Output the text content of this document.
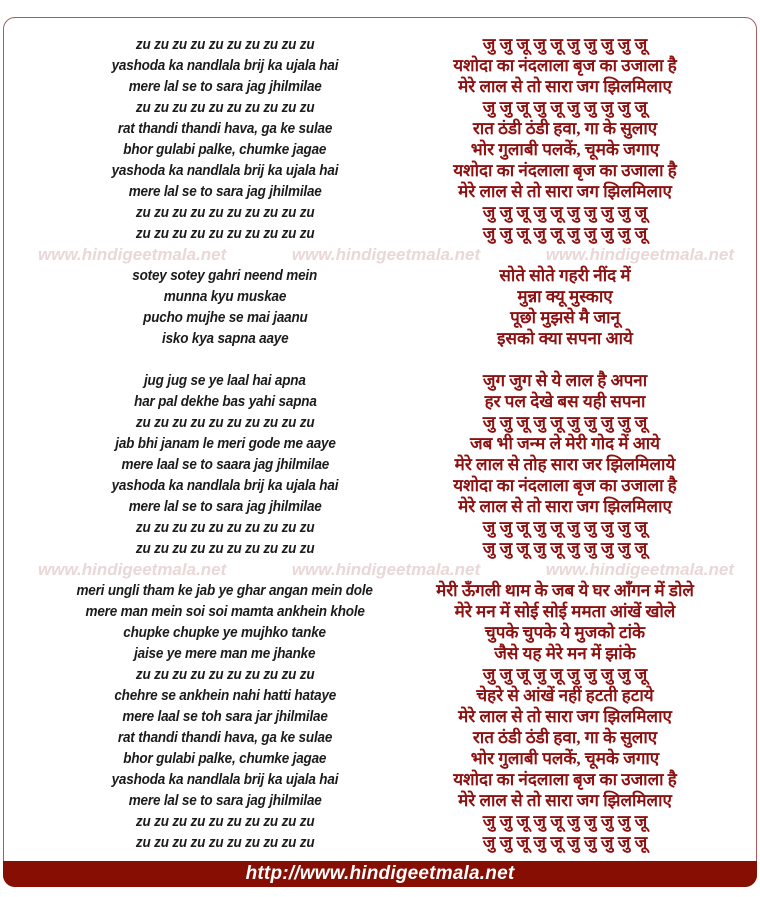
zu zu zu zu zu zu zu zu zu zu	जु जु जू जु जू जु जु जु जु जू
yashoda ka nandlala brij ka ujala hai	यशोदा का नंदलाला बृज का उजाला है
mere lal se to sara jag jhilmilae	मेरे लाल से तो सारा जग झिलमिलाए
zu zu zu zu zu zu zu zu zu zu	जु जु जू जु जू जु जु जु जु जू
rat thandi thandi hava, ga ke sulae	रात ठंडी ठंडी हवा, गा के सुलाए
bhor gulabi palke, chumke jagae	भोर गुलाबी पलकें, चूमके जगाए
yashoda ka nandlala brij ka ujala hai	यशोदा का नंदलाला बृज का उजाला है
mere lal se to sara jag jhilmilae	मेरे लाल से तो सारा जग झिलमिलाए
zu zu zu zu zu zu zu zu zu zu	जु जु जू जु जू जु जु जु जु जू
zu zu zu zu zu zu zu zu zu zu	जु जु जू जु जू जु जु जु जु जू
www.hindigeetmala.net	www.hindigeetmala.net	www.hindigeetmala.net
sotey sotey gahri neend mein	सोते सोते गहरी नींद में
munna kyu muskae	मुन्ना क्यू मुस्काए
pucho mujhe se mai jaanu	पूछो मुझसे मै जानू
isko kya sapna aaye	इसको क्या सपना आये
jug jug se ye laal hai apna	जुग जुग से ये लाल है अपना
har pal dekhe bas yahi sapna	हर पल देखे बस यही सपना
zu zu zu zu zu zu zu zu zu zu	जु जु जू जु जू जु जु जु जु जू
jab bhi janam le meri gode me aaye	जब भी जन्म ले मेरी गोद में आये
mere laal se to saara jag jhilmilae	मेरे लाल से तोह सारा जर झिलमिलाये
yashoda ka nandlala brij ka ujala hai	यशोदा का नंदलाला बृज का उजाला है
mere lal se to sara jag jhilmilae	मेरे लाल से तो सारा जग झिलमिलाए
zu zu zu zu zu zu zu zu zu zu	जु जु जू जु जू जु जु जु जु जू
zu zu zu zu zu zu zu zu zu zu	जु जु जू जु जू जु जु जु जु जू
www.hindigeetmala.net	www.hindigeetmala.net	www.hindigeetmala.net
meri ungli tham ke jab ye ghar angan mein dole	मेरी ऊँगली थाम के जब ये घर आँगन में डोले
mere man mein soi soi mamta ankhein khole	मेरे मन में सोई सोई ममता आंखें खोले
chupke chupke ye mujhko tanke	चुपके चुपके ये मुजको टांके
jaise ye mere man me jhanke	जैसे यह मेरे मन में झांके
zu zu zu zu zu zu zu zu zu zu	जु जु जू जु जू जु जु जु जु जू
chehre se ankhein nahi hatti hataye	चेहरे से आंखें नहीं हटती हटाये
mere laal se toh sara jar jhilmilae	मेरे लाल से तो सारा जग झिलमिलाए
rat thandi thandi hava, ga ke sulae	रात ठंडी ठंडी हवा, गा के सुलाए
bhor gulabi palke, chumke jagae	भोर गुलाबी पलकें, चूमके जगाए
yashoda ka nandlala brij ka ujala hai	यशोदा का नंदलाला बृज का उजाला है
mere lal se to sara jag jhilmilae	मेरे लाल से तो सारा जग झिलमिलाए
zu zu zu zu zu zu zu zu zu zu	जु जु जू जु जू जु जु जु जु जू
zu zu zu zu zu zu zu zu zu zu	जु जु जू जु जू जु जु जु जु जू
http://www.hindigeetmala.net
